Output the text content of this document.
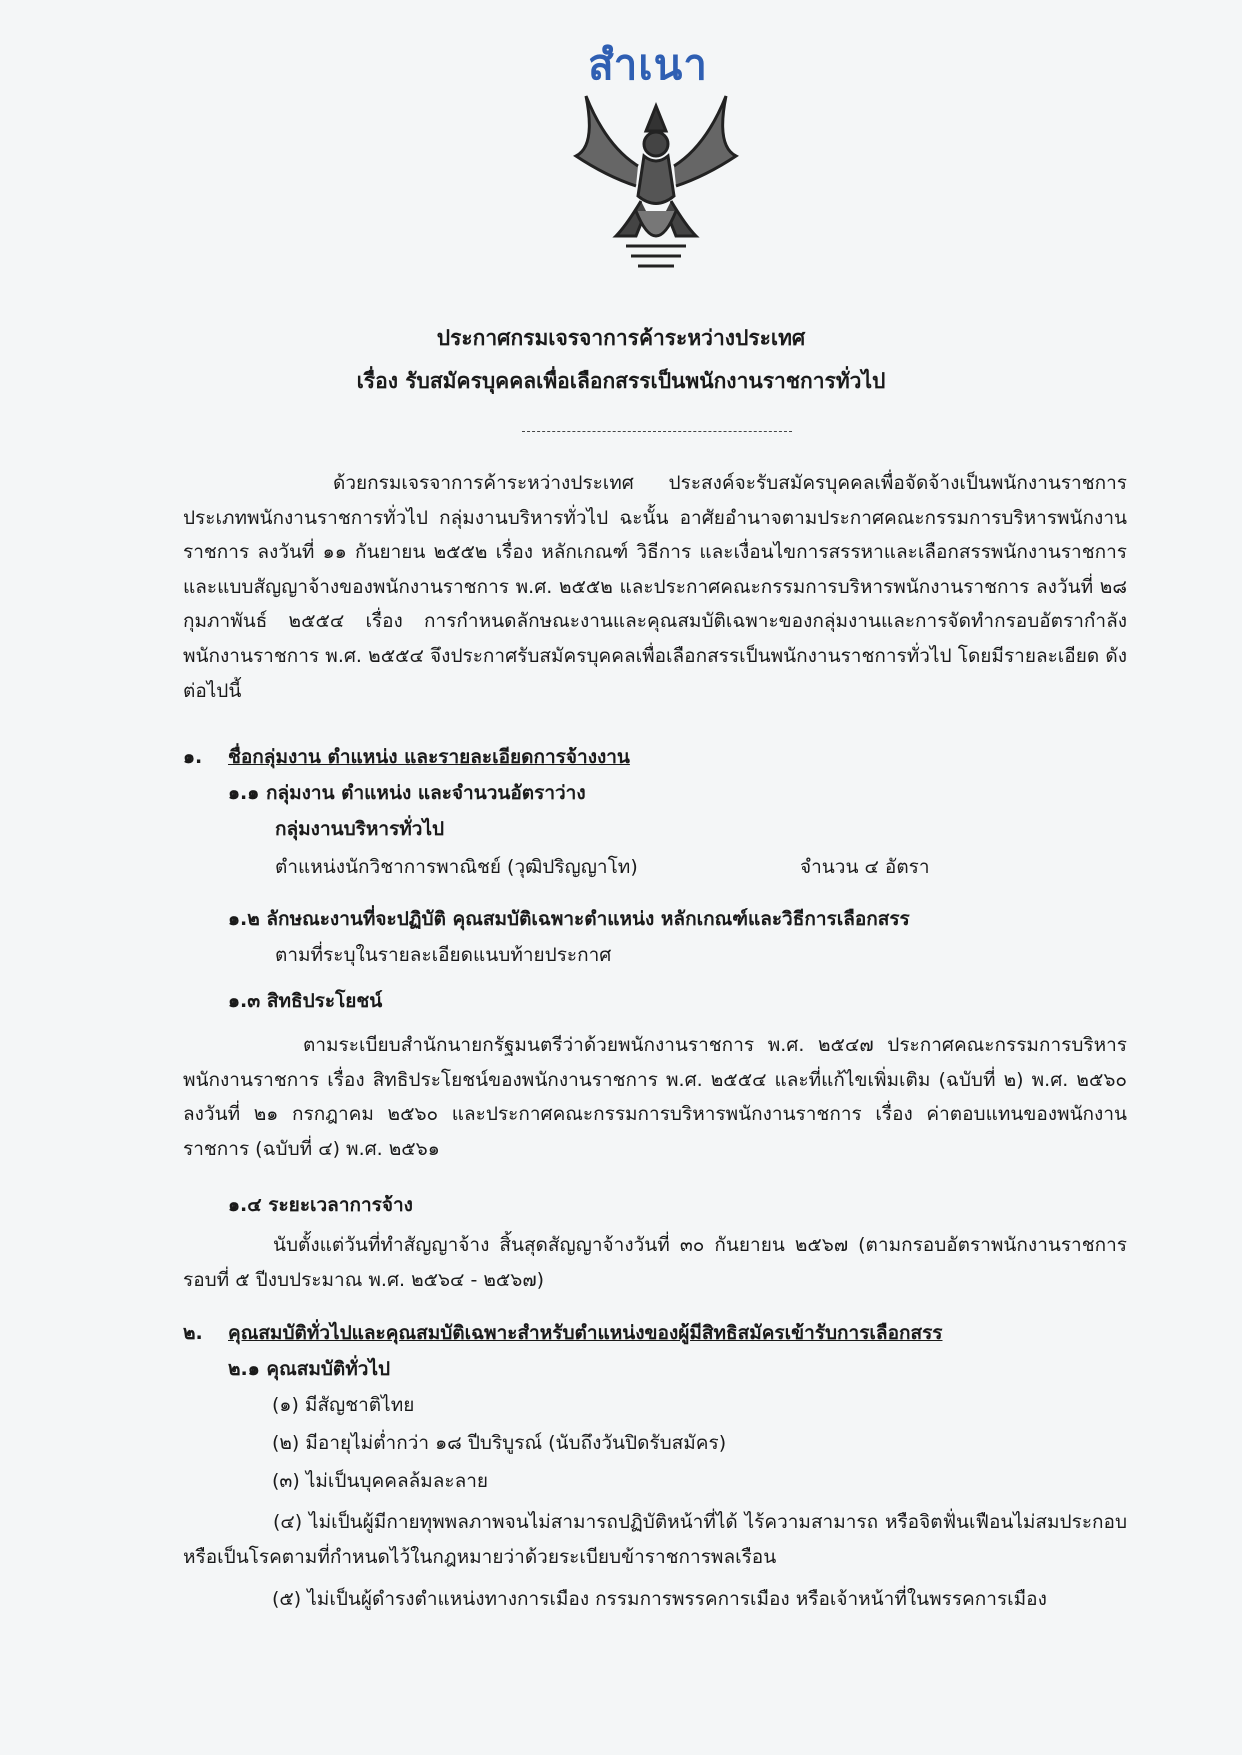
สำเนา
ประกาศกรมเจรจาการค้าระหว่างประเทศ
เรื่อง รับสมัครบุคคลเพื่อเลือกสรรเป็นพนักงานราชการทั่วไป
ด้วยกรมเจรจาการค้าระหว่างประเทศ ประสงค์จะรับสมัครบุคคลเพื่อจัดจ้างเป็นพนักงานราชการประเภทพนักงานราชการทั่วไป กลุ่มงานบริหารทั่วไป ฉะนั้น อาศัยอำนาจตามประกาศคณะกรรมการบริหารพนักงานราชการ ลงวันที่ ๑๑ กันยายน ๒๕๕๒ เรื่อง หลักเกณฑ์ วิธีการ และเงื่อนไขการสรรหาและเลือกสรรพนักงานราชการ และแบบสัญญาจ้างของพนักงานราชการ พ.ศ. ๒๕๕๒ และประกาศคณะกรรมการบริหารพนักงานราชการ ลงวันที่ ๒๘ กุมภาพันธ์ ๒๕๕๔ เรื่อง การกำหนดลักษณะงานและคุณสมบัติเฉพาะของกลุ่มงานและการจัดทำกรอบอัตรากำลังพนักงานราชการ พ.ศ. ๒๕๕๔ จึงประกาศรับสมัครบุคคลเพื่อเลือกสรรเป็นพนักงานราชการทั่วไป โดยมีรายละเอียด ดังต่อไปนี้
๑. ชื่อกลุ่มงาน ตำแหน่ง และรายละเอียดการจ้างงาน
๑.๑ กลุ่มงาน ตำแหน่ง และจำนวนอัตราว่าง
กลุ่มงานบริหารทั่วไป
ตำแหน่งนักวิชาการพาณิชย์ (วุฒิปริญญาโท)	จำนวน ๔ อัตรา
๑.๒ ลักษณะงานที่จะปฏิบัติ คุณสมบัติเฉพาะตำแหน่ง หลักเกณฑ์และวิธีการเลือกสรร
ตามที่ระบุในรายละเอียดแนบท้ายประกาศ
๑.๓ สิทธิประโยชน์
ตามระเบียบสำนักนายกรัฐมนตรีว่าด้วยพนักงานราชการ พ.ศ. ๒๕๔๗ ประกาศคณะกรรมการบริหารพนักงานราชการ เรื่อง สิทธิประโยชน์ของพนักงานราชการ พ.ศ. ๒๕๕๔ และที่แก้ไขเพิ่มเติม (ฉบับที่ ๒) พ.ศ. ๒๕๖๐ ลงวันที่ ๒๑ กรกฎาคม ๒๕๖๐ และประกาศคณะกรรมการบริหารพนักงานราชการ เรื่อง ค่าตอบแทนของพนักงานราชการ (ฉบับที่ ๔) พ.ศ. ๒๕๖๑
๑.๔ ระยะเวลาการจ้าง
นับตั้งแต่วันที่ทำสัญญาจ้าง สิ้นสุดสัญญาจ้างวันที่ ๓๐ กันยายน ๒๕๖๗ (ตามกรอบอัตราพนักงานราชการรอบที่ ๕ ปีงบประมาณ พ.ศ. ๒๕๖๔ - ๒๕๖๗)
๒. คุณสมบัติทั่วไปและคุณสมบัติเฉพาะสำหรับตำแหน่งของผู้มีสิทธิสมัครเข้ารับการเลือกสรร
๒.๑ คุณสมบัติทั่วไป
(๑) มีสัญชาติไทย
(๒) มีอายุไม่ต่ำกว่า ๑๘ ปีบริบูรณ์ (นับถึงวันปิดรับสมัคร)
(๓) ไม่เป็นบุคคลล้มละลาย
(๔) ไม่เป็นผู้มีกายทุพพลภาพจนไม่สามารถปฏิบัติหน้าที่ได้ ไร้ความสามารถ หรือจิตฟั่นเฟือนไม่สมประกอบ หรือเป็นโรคตามที่กำหนดไว้ในกฎหมายว่าด้วยระเบียบข้าราชการพลเรือน
(๕) ไม่เป็นผู้ดำรงตำแหน่งทางการเมือง กรรมการพรรคการเมือง หรือเจ้าหน้าที่ในพรรคการเมือง
